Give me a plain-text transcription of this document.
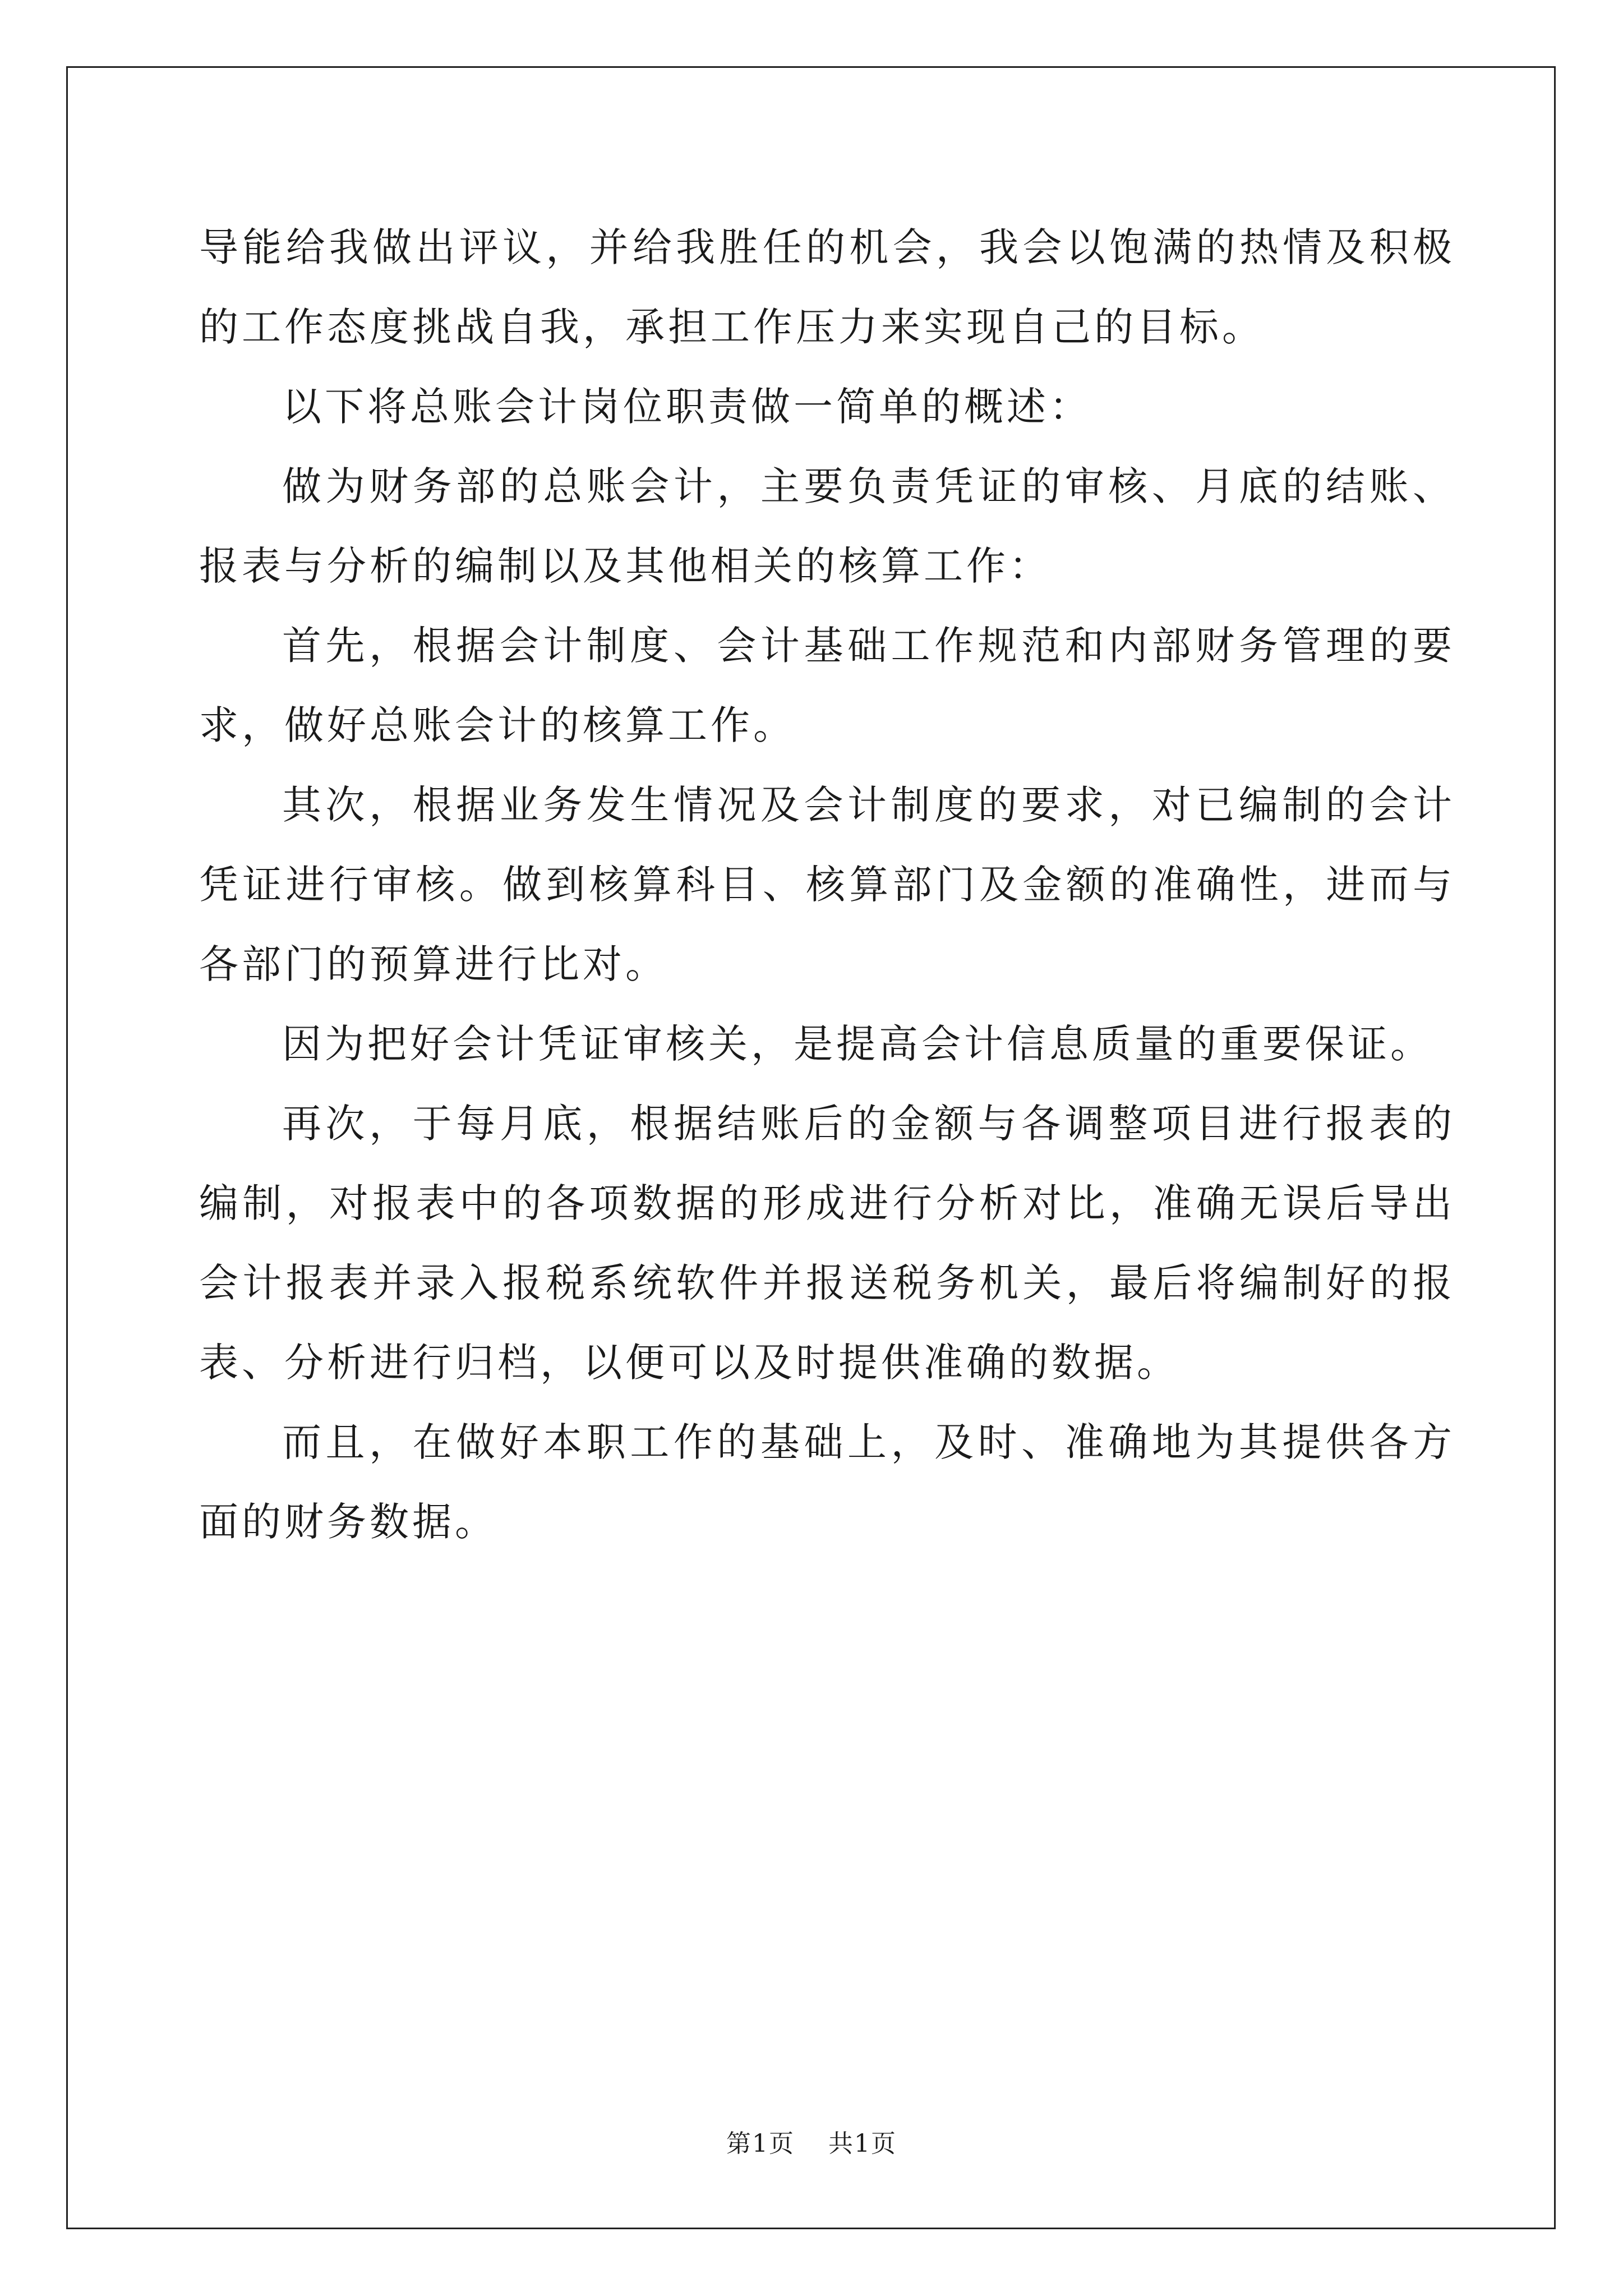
导能给我做出评议，并给我胜任的机会，我会以饱满的热情及积极的工作态度挑战自我，承担工作压力来实现自己的目标。

以下将总账会计岗位职责做一简单的概述：

做为财务部的总账会计，主要负责凭证的审核、月底的结账、报表与分析的编制以及其他相关的核算工作：

首先，根据会计制度、会计基础工作规范和内部财务管理的要求，做好总账会计的核算工作。

其次，根据业务发生情况及会计制度的要求，对已编制的会计凭证进行审核。做到核算科目、核算部门及金额的准确性，进而与各部门的预算进行比对。

因为把好会计凭证审核关，是提高会计信息质量的重要保证。

再次，于每月底，根据结账后的金额与各调整项目进行报表的编制，对报表中的各项数据的形成进行分析对比，准确无误后导出会计报表并录入报税系统软件并报送税务机关，最后将编制好的报表、分析进行归档，以便可以及时提供准确的数据。

而且，在做好本职工作的基础上，及时、准确地为其提供各方面的财务数据。

第1页 共1页
